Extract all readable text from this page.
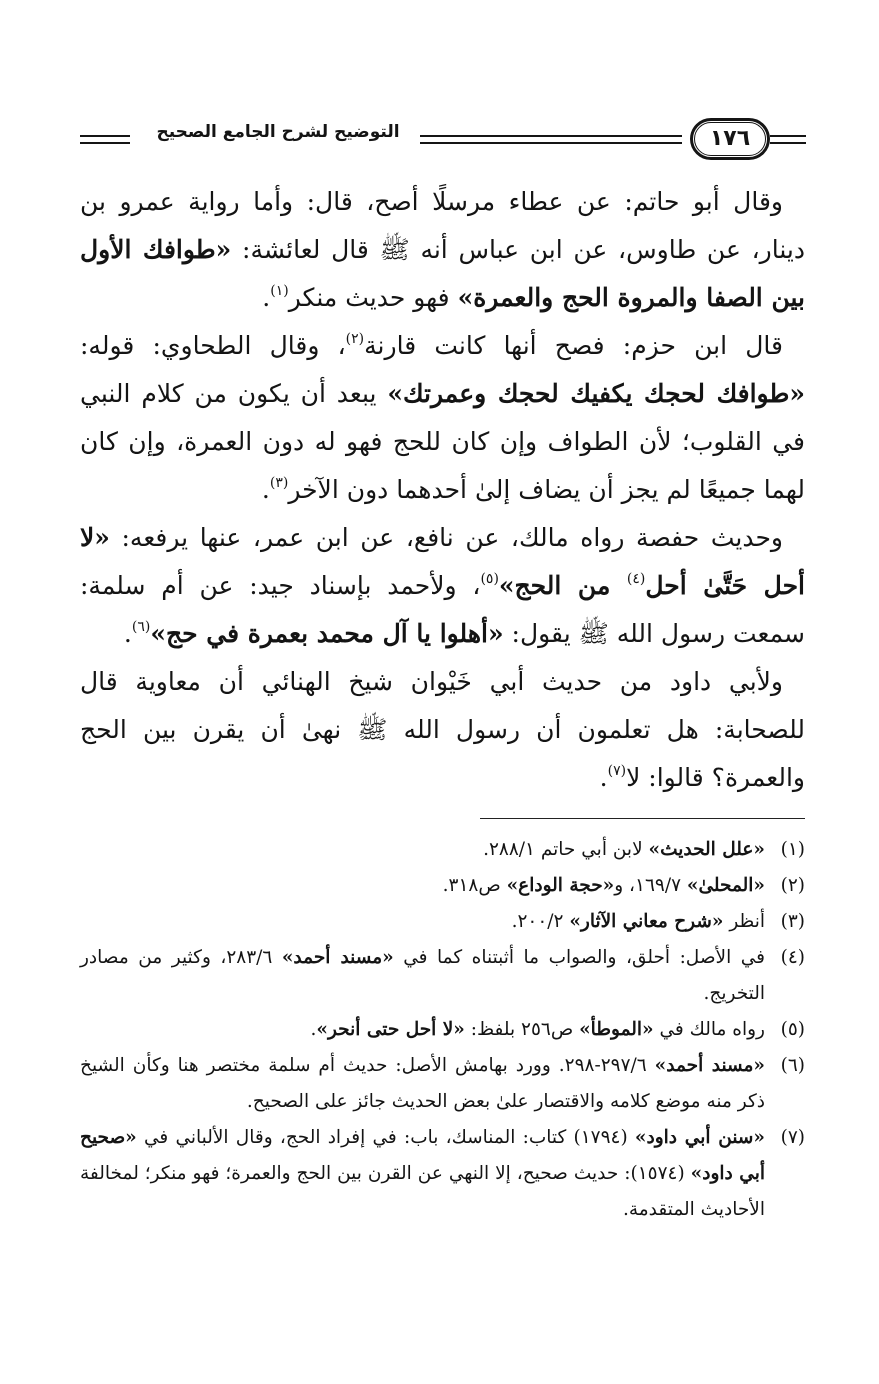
التوضيح لشرح الجامع الصحيح	١٧٦

وقال أبو حاتم: عن عطاء مرسلًا أصح، قال: وأما رواية عمرو بن دينار، عن طاوس، عن ابن عباس أنه ﷺ قال لعائشة: «طوافك الأول بين الصفا والمروة الحج والعمرة» فهو حديث منكر$^{(١)}$.

قال ابن حزم: فصح أنها كانت قارنة$^{(٢)}$، وقال الطحاوي: قوله: «طوافك لحجك يكفيك لحجك وعمرتك» يبعد أن يكون من كلام النبي في القلوب؛ لأن الطواف وإن كان للحج فهو له دون العمرة، وإن كان لهما جميعًا لم يجز أن يضاف إلىٰ أحدهما دون الآخر$^{(٣)}$.

وحديث حفصة رواه مالك، عن نافع، عن ابن عمر، عنها يرفعه: «لا أحل حَتَّىٰ أحل$^{(٤)}$ من الحج»$^{(٥)}$، ولأحمد بإسناد جيد: عن أم سلمة: سمعت رسول الله ﷺ يقول: «أهلوا يا آل محمد بعمرة في حج»$^{(٦)}$.

ولأبي داود من حديث أبي خَيْوان شيخ الهنائي أن معاوية قال للصحابة: هل تعلمون أن رسول الله ﷺ نهىٰ أن يقرن بين الحج والعمرة؟ قالوا: لا$^{(٧)}$.

(١)
«علل الحديث» لابن أبي حاتم ٢٨٨/١.
(٢)
«المحلىٰ» ١٦٩/٧، و«حجة الوداع» ص٣١٨.
(٣)
أنظر «شرح معاني الآثار» ٢٠٠/٢.
(٤)
في الأصل: أحلق، والصواب ما أثبتناه كما في «مسند أحمد» ٢٨٣/٦، وكثير من مصادر التخريج.
(٥)
رواه مالك في «الموطأ» ص٢٥٦ بلفظ: «لا أحل حتى أنحر».
(٦)
«مسند أحمد» ٢٩٧/٦-٢٩٨. وورد بهامش الأصل: حديث أم سلمة مختصر هنا وكأن الشيخ ذكر منه موضع كلامه والاقتصار علىٰ بعض الحديث جائز على الصحيح.
(٧)
«سنن أبي داود» (١٧٩٤) كتاب: المناسك، باب: في إفراد الحج، وقال الألباني في «صحيح أبي داود» (١٥٧٤): حديث صحيح، إلا النهي عن القرن بين الحج والعمرة؛ فهو منكر؛ لمخالفة الأحاديث المتقدمة.
